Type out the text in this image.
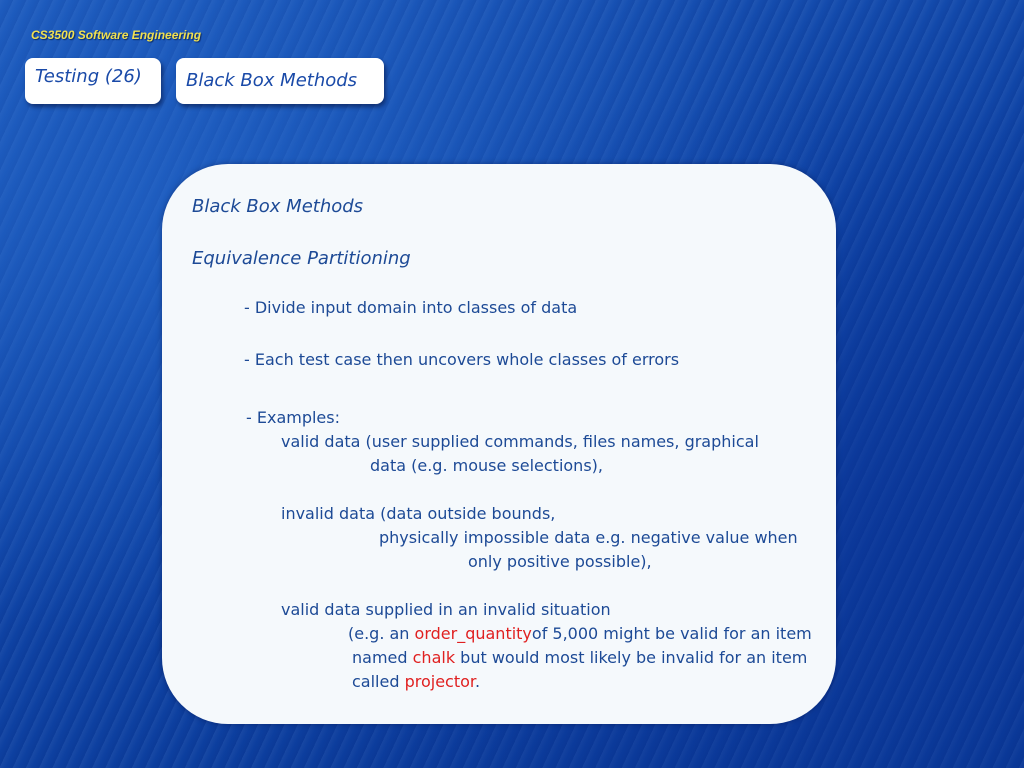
CS3500 Software Engineering
Testing (26) Black Box Methods
Black Box Methods
Equivalence Partitioning
- Divide input domain into classes of data
- Each test case then uncovers whole classes of errors
- Examples:
valid data (user supplied commands, files names, graphical
data (e.g. mouse selections),
invalid data (data outside bounds,
physically impossible data e.g. negative value when
only positive possible),
valid data supplied in an invalid situation
(e.g. an order_quantityof 5,000 might be valid for an item
named chalk but would most likely be invalid for an item
called projector.
